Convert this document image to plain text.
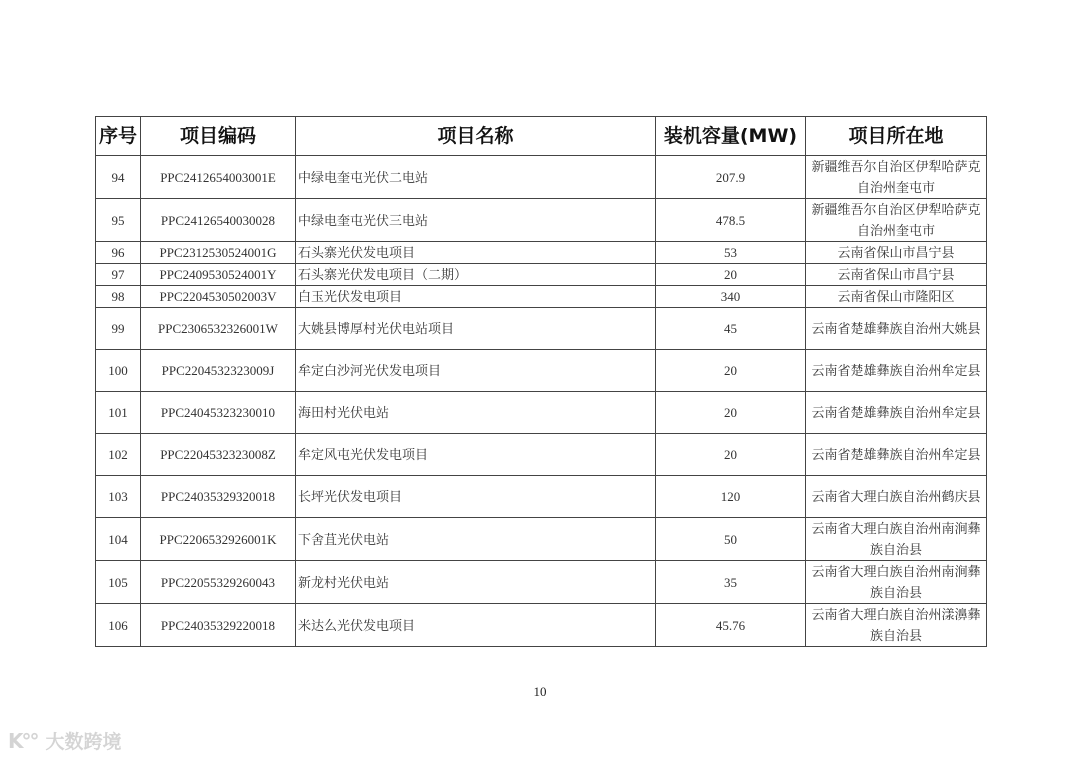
序号	项目编码	项目名称	装机容量(MW)	项目所在地
94	PPC2412654003001E	中绿电奎屯光伏二电站	207.9	新疆维吾尔自治区伊犁哈萨克自治州奎屯市
95	PPC24126540030028	中绿电奎屯光伏三电站	478.5	新疆维吾尔自治区伊犁哈萨克自治州奎屯市
96	PPC2312530524001G	石头寨光伏发电项目	53	云南省保山市昌宁县
97	PPC2409530524001Y	石头寨光伏发电项目（二期）	20	云南省保山市昌宁县
98	PPC2204530502003V	白玉光伏发电项目	340	云南省保山市隆阳区
99	PPC2306532326001W	大姚县博厚村光伏电站项目	45	云南省楚雄彝族自治州大姚县
100	PPC2204532323009J	牟定白沙河光伏发电项目	20	云南省楚雄彝族自治州牟定县
101	PPC24045323230010	海田村光伏电站	20	云南省楚雄彝族自治州牟定县
102	PPC2204532323008Z	牟定风屯光伏发电项目	20	云南省楚雄彝族自治州牟定县
103	PPC24035329320018	长坪光伏发电项目	120	云南省大理白族自治州鹤庆县
104	PPC2206532926001K	下舍苴光伏电站	50	云南省大理白族自治州南涧彝族自治县
105	PPC22055329260043	新龙村光伏电站	35	云南省大理白族自治州南涧彝族自治县
106	PPC24035329220018	米达么光伏发电项目	45.76	云南省大理白族自治州漾濞彝族自治县
10
K°° 大数跨境
